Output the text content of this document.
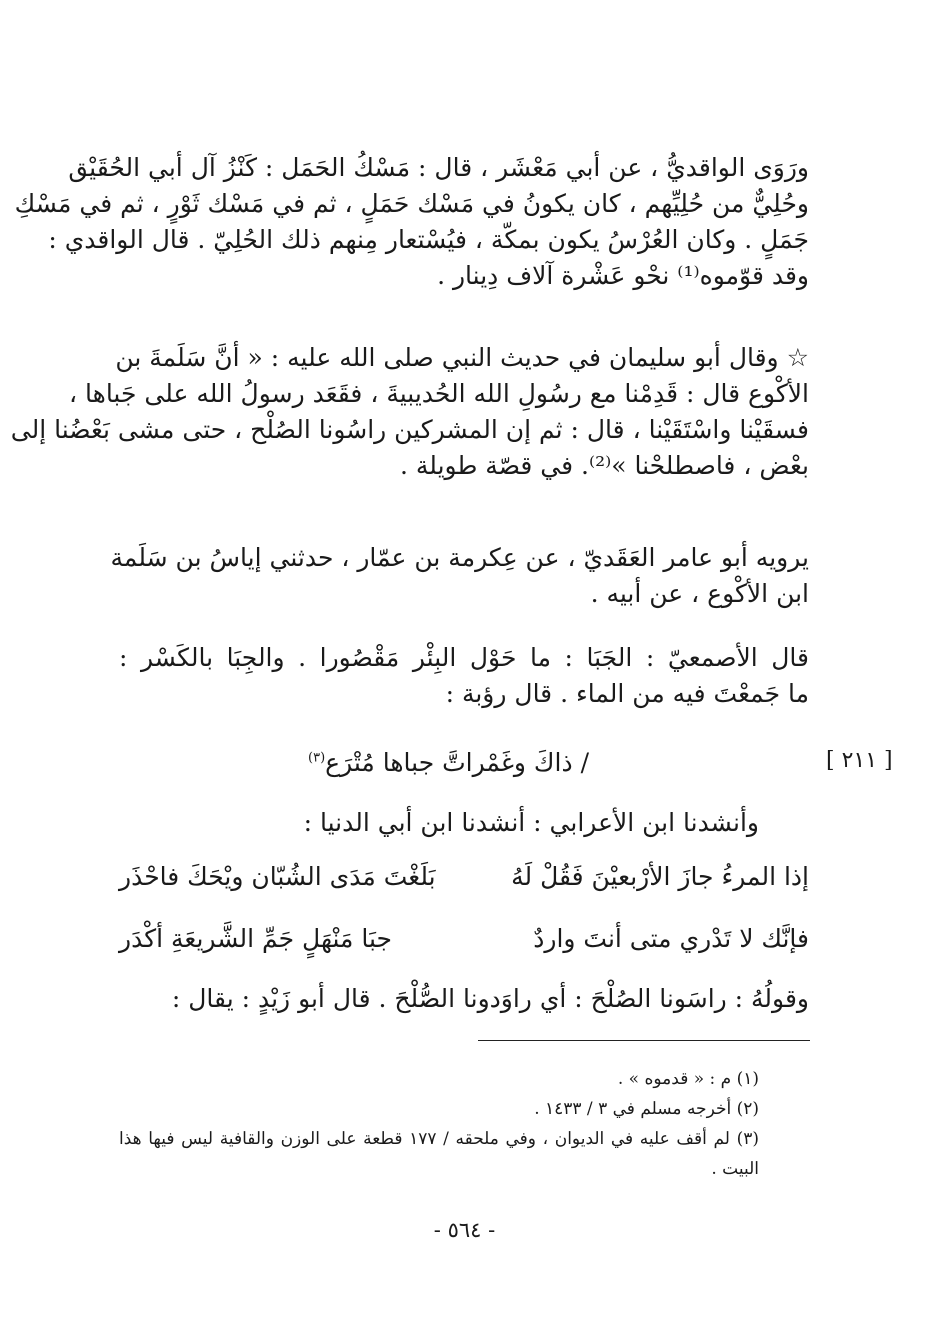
ورَوَى الواقديُّ ، عن أبي مَعْشَر ، قال : مَسْكُ الحَمَل : كَنْزُ آل أبي الحُقَيْق
وحُلِيٌّ من حُلِيِّهم ، كان يكونُ في مَسْك حَمَلٍ ، ثم في مَسْك ثَوْرٍ ، ثم في مَسْكِ
جَمَلٍ . وكان العُرْسُ يكون بمكّة ، فيُسْتعار مِنهم ذلك الحُلِيّ . قال الواقدي :
وقد قوّموه⁽¹⁾ نحْو عَشْرة آلاف دِينار .
☆ وقال أبو سليمان في حديث النبي صلى الله عليه : « أنَّ سَلَمةَ بن
الأكْوع قال : قَدِمْنا مع رسُولِ الله الحُديبيةَ ، فقَعَد رسولُ الله على جَباها ،
فسقَيْنا واسْتَقَيْنا ، قال : ثم إن المشركين راسُونا الصُلْح ، حتى مشى بَعْضُنا إلى
بعْض ، فاصطلحْنا »⁽²⁾. في قصّة طويلة .
يرويه أبو عامر العَقَديّ ، عن عِكرمة بن عمّار ، حدثني إياسُ بن سَلَمة
ابن الأكْوع ، عن أبيه .
قال الأصمعيّ : الجَبَا : ما حَوْل البِئْر مَقْصُورا . والجِبَا بالكَسْر :
ما جَمعْتَ فيه من الماء . قال رؤبة :
/ ذاكَ وغَمْراتَّ جباها مُتْرَع$^{(٣)}$	[ ٢١١ ]
وأنشدنا ابن الأعرابي : أنشدنا ابن أبي الدنيا :
إذا المرءُ جازَ الأرْبعيْنَ فَقُلْ لَهُ
بَلَغْتَ مَدَى الشُبّان ويْحَكَ فاحْذَر
فإنَّك لا تَدْري متى أنتَ واردٌ
جبَا مَنْهَلٍ جَمِّ الشَّريعَةِ أكْدَر
وقولُهُ : راسَونا الصُلْحَ : أي راوَدونا الصُّلْحَ . قال أبو زَيْدٍ : يقال :
(١) م : « قدموه » .
(٢) أخرجه مسلم في ٣ / ١٤٣٣ .
(٣) لم أقف عليه في الديوان ، وفي ملحقه / ١٧٧ قطعة على الوزن والقافية ليس فيها هذا البيت .
- ٥٦٤ -
